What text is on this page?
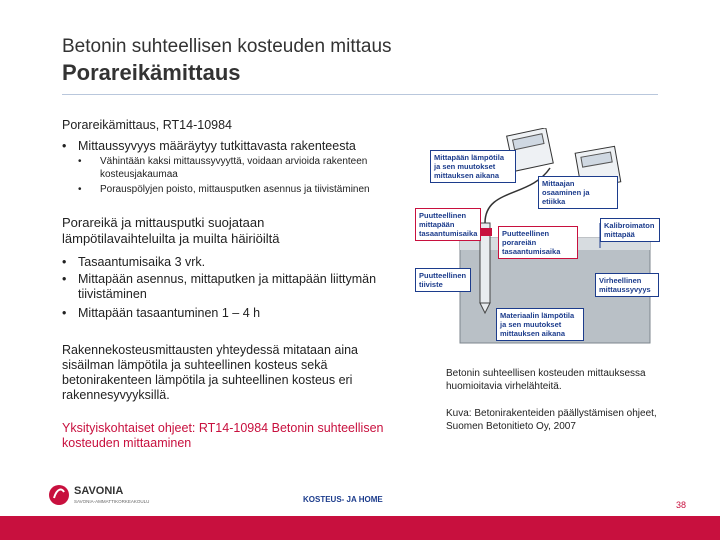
Betonin suhteellisen kosteuden mittaus
Porareikämittaus
Porareikämittaus, RT14-10984
• Mittaussyvyys määräytyy tutkittavasta rakenteesta
•	Vähintään kaksi mittaussyvyyttä, voidaan arvioida rakenteen kosteusjakaumaa
•	Porauspölyjen poisto, mittausputken asennus ja tiivistäminen
Porareikä ja mittausputki suojataan lämpötilavaihteluilta ja muilta häiriöiltä
• Tasaantumisaika 3 vrk.
• Mittapään asennus, mittaputken ja mittapään liittymän tiivistäminen
• Mittapään tasaantuminen 1 – 4 h
Rakennekosteusmittausten yhteydessä mitataan aina sisäilman lämpötila ja suhteellinen kosteus sekä betonirakenteen lämpötila ja suhteellinen kosteus eri rakennesyvyyksillä.
Yksityiskohtaiset ohjeet: RT14-10984 Betonin suhteellisen kosteuden mittaaminen
Mittapään lämpötila ja sen muutokset mittauksen aikana
Mittaajan osaaminen ja etiikka
Puutteellinen mittapään tasaantumisaika	Puutteellinen porareiän tasaantumisaika
Kalibroimaton mittapää
Puutteellinen tiiviste	Virheellinen mittaussyvyys
Materiaalin lämpötila ja sen muutokset mittauksen aikana
Betonin suhteellisen kosteuden mittauksessa huomioitavia virhelähteitä.
Kuva: Betonirakenteiden päällystämisen ohjeet, Suomen Betonitieto Oy, 2007
SAVONIA
SAVONIA-AMMATTIKORKEAKOULU	KOSTEUS- JA HOME
38
